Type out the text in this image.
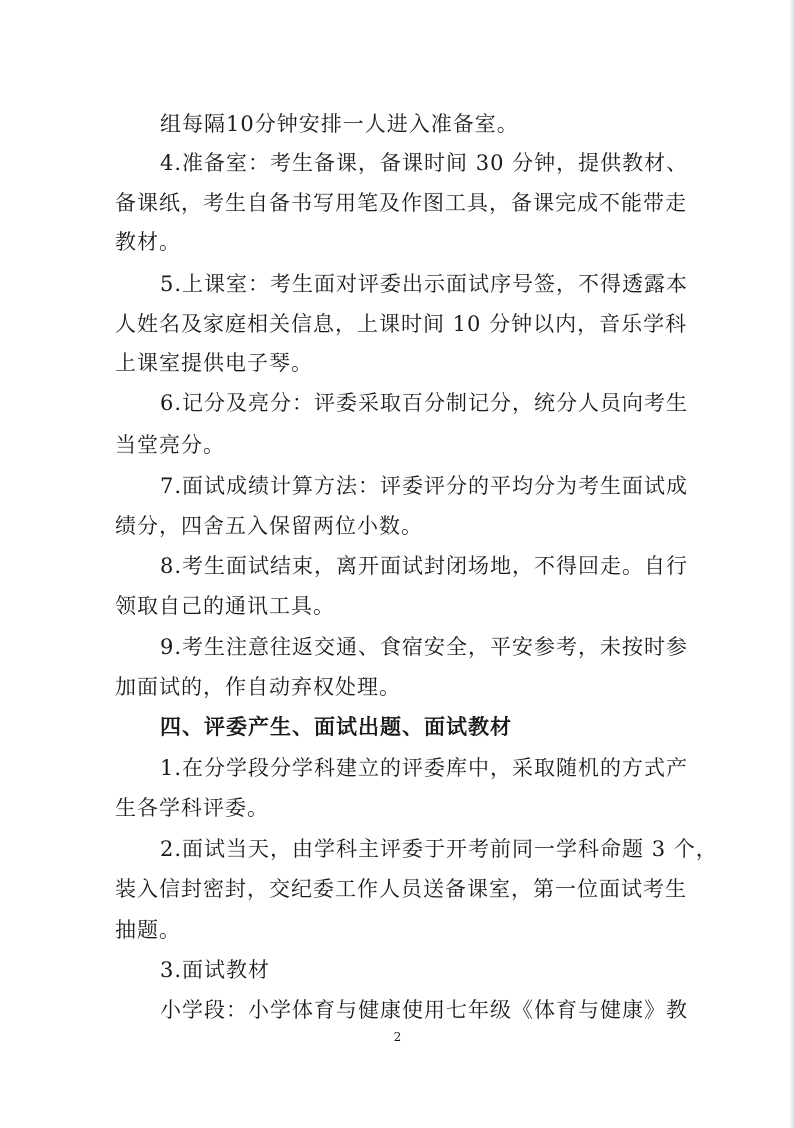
组每隔10分钟安排一人进入准备室。
4.准备室：考生备课，备课时间 30 分钟，提供教材、
备课纸，考生自备书写用笔及作图工具，备课完成不能带走
教材。
5.上课室：考生面对评委出示面试序号签，不得透露本
人姓名及家庭相关信息，上课时间 10 分钟以内，音乐学科
上课室提供电子琴。
6.记分及亮分：评委采取百分制记分，统分人员向考生
当堂亮分。
7.面试成绩计算方法：评委评分的平均分为考生面试成
绩分，四舍五入保留两位小数。
8.考生面试结束，离开面试封闭场地，不得回走。自行
领取自己的通讯工具。
9.考生注意往返交通、食宿安全，平安参考，未按时参
加面试的，作自动弃权处理。
四、评委产生、面试出题、面试教材
1.在分学段分学科建立的评委库中，采取随机的方式产
生各学科评委。
2.面试当天，由学科主评委于开考前同一学科命题 3 个，
装入信封密封，交纪委工作人员送备课室，第一位面试考生
抽题。
3.面试教材
小学段：小学体育与健康使用七年级《体育与健康》教
2
